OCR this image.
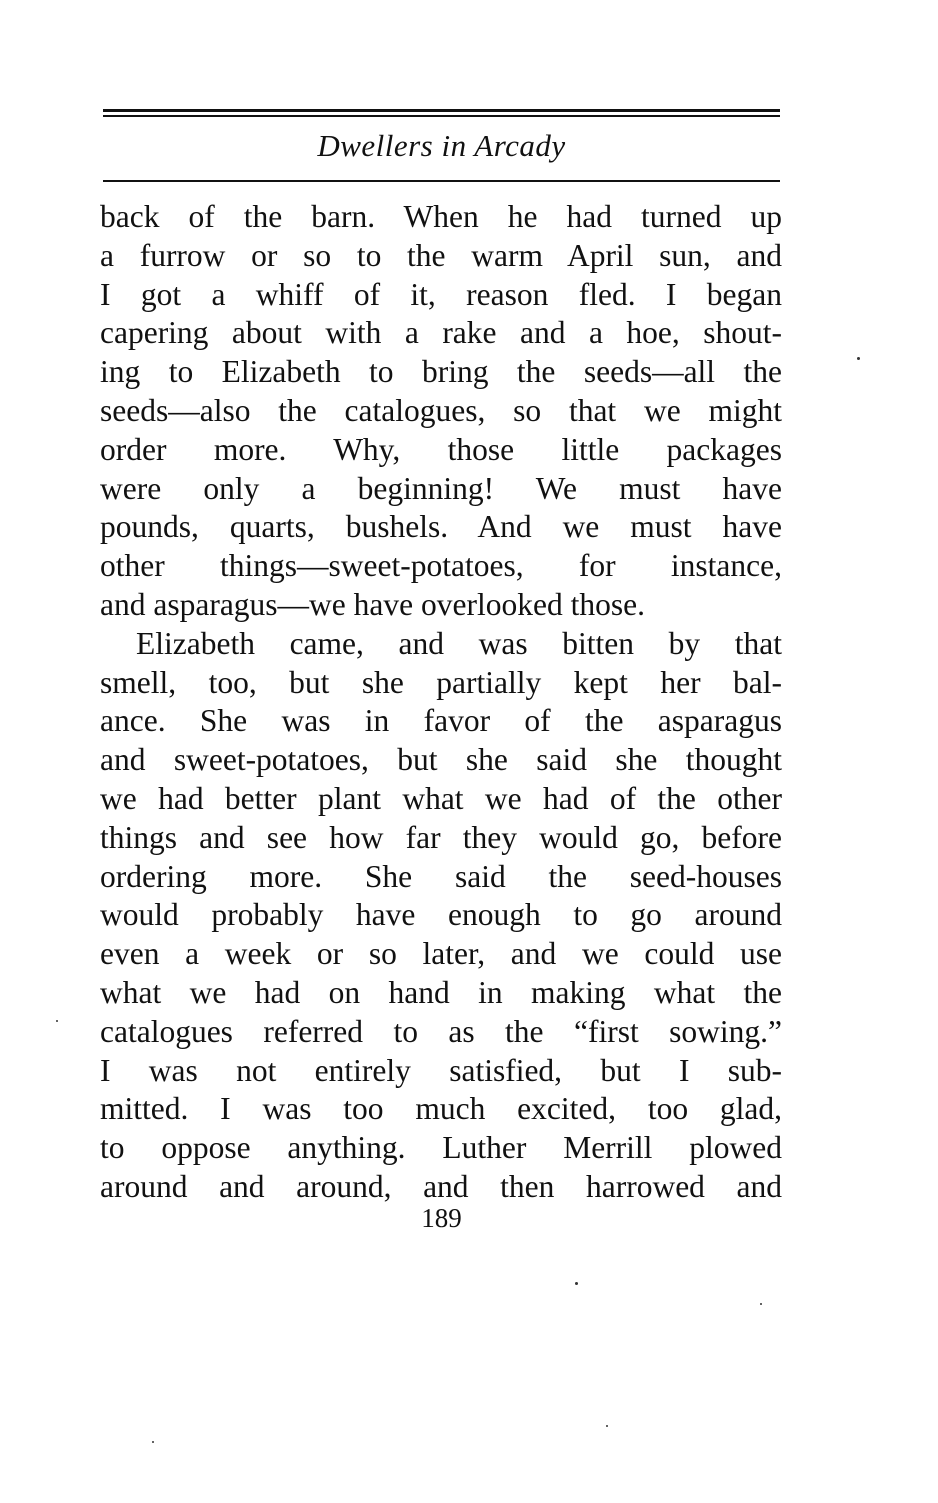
Dwellers in Arcady
back of the barn. When he had turned up
a furrow or so to the warm April sun, and
I got a whiff of it, reason fled. I began
capering about with a rake and a hoe, shout-
ing to Elizabeth to bring the seeds—all the
seeds—also the catalogues, so that we might
order more. Why, those little packages
were only a beginning! We must have
pounds, quarts, bushels. And we must have
other things—sweet-potatoes, for instance,
and asparagus—we have overlooked those.
Elizabeth came, and was bitten by that
smell, too, but she partially kept her bal-
ance. She was in favor of the asparagus
and sweet-potatoes, but she said she thought
we had better plant what we had of the other
things and see how far they would go, before
ordering more. She said the seed-houses
would probably have enough to go around
even a week or so later, and we could use
what we had on hand in making what the
catalogues referred to as the “first sowing.”
I was not entirely satisfied, but I sub-
mitted. I was too much excited, too glad,
to oppose anything. Luther Merrill plowed
around and around, and then harrowed and
189
